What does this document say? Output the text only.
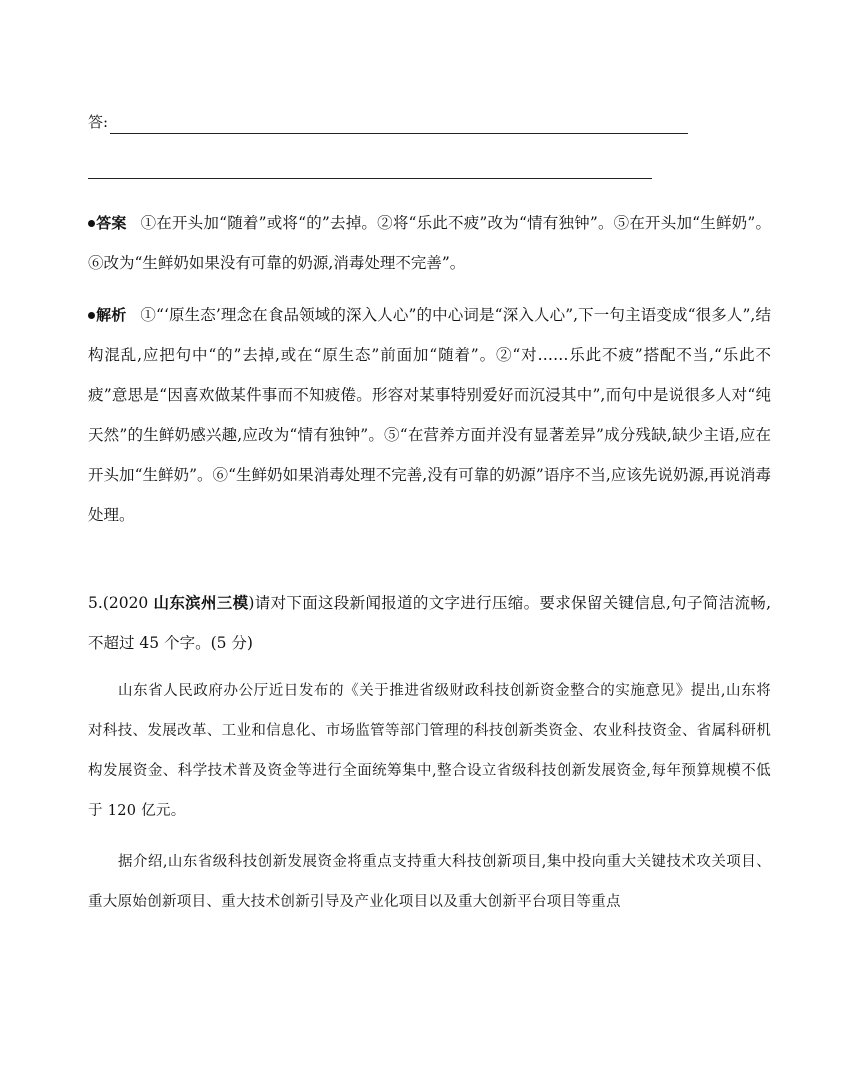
答:
答案 ①在开头加“随着”或将“的”去掉。②将“乐此不疲”改为“情有独钟”。⑤在开头加“生鲜奶”。⑥改为“生鲜奶如果没有可靠的奶源,消毒处理不完善”。
解析 ①“‘原生态’理念在食品领域的深入人心”的中心词是“深入人心”,下一句主语变成“很多人”,结构混乱,应把句中“的”去掉,或在“原生态”前面加“随着”。②“对……乐此不疲”搭配不当,“乐此不疲”意思是“因喜欢做某件事而不知疲倦。形容对某事特别爱好而沉浸其中”,而句中是说很多人对“纯天然”的生鲜奶感兴趣,应改为“情有独钟”。⑤“在营养方面并没有显著差异”成分残缺,缺少主语,应在开头加“生鲜奶”。⑥“生鲜奶如果消毒处理不完善,没有可靠的奶源”语序不当,应该先说奶源,再说消毒处理。
5.(2020 山东滨州三模)请对下面这段新闻报道的文字进行压缩。要求保留关键信息,句子简洁流畅,不超过 45 个字。(5 分)
山东省人民政府办公厅近日发布的《关于推进省级财政科技创新资金整合的实施意见》提出,山东将对科技、发展改革、工业和信息化、市场监管等部门管理的科技创新类资金、农业科技资金、省属科研机构发展资金、科学技术普及资金等进行全面统筹集中,整合设立省级科技创新发展资金,每年预算规模不低于 120 亿元。
据介绍,山东省级科技创新发展资金将重点支持重大科技创新项目,集中投向重大关键技术攻关项目、重大原始创新项目、重大技术创新引导及产业化项目以及重大创新平台项目等重点
